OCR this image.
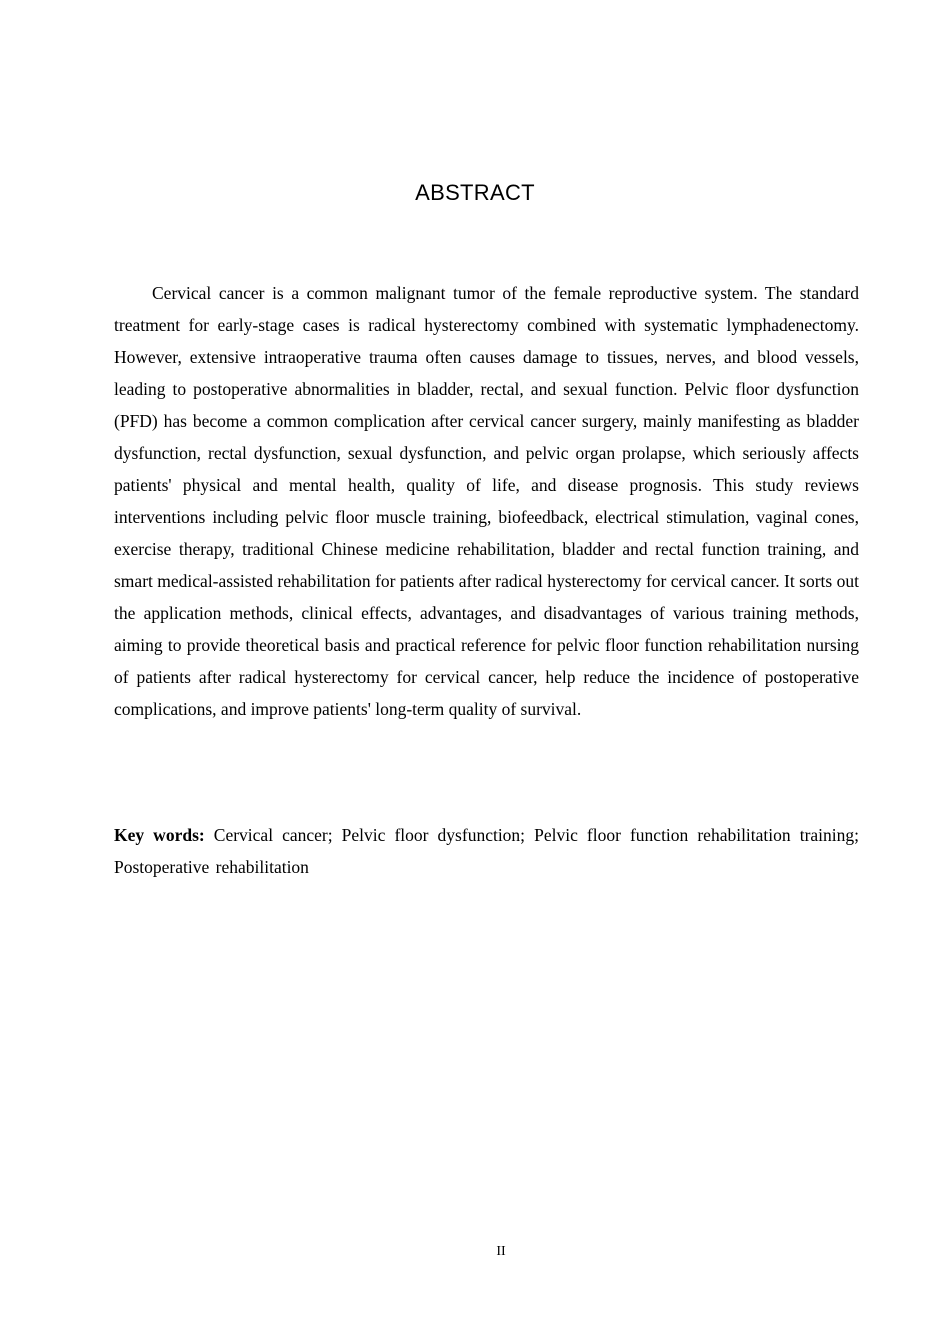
ABSTRACT

Cervical cancer is a common malignant tumor of the female reproductive system. The standard treatment for early-stage cases is radical hysterectomy combined with systematic lymphadenectomy. However, extensive intraoperative trauma often causes damage to tissues, nerves, and blood vessels, leading to postoperative abnormalities in bladder, rectal, and sexual function. Pelvic floor dysfunction (PFD) has become a common complication after cervical cancer surgery, mainly manifesting as bladder dysfunction, rectal dysfunction, sexual dysfunction, and pelvic organ prolapse, which seriously affects patients' physical and mental health, quality of life, and disease prognosis. This study reviews interventions including pelvic floor muscle training, biofeedback, electrical stimulation, vaginal cones, exercise therapy, traditional Chinese medicine rehabilitation, bladder and rectal function training, and smart medical-assisted rehabilitation for patients after radical hysterectomy for cervical cancer. It sorts out the application methods, clinical effects, advantages, and disadvantages of various training methods, aiming to provide theoretical basis and practical reference for pelvic floor function rehabilitation nursing of patients after radical hysterectomy for cervical cancer, help reduce the incidence of postoperative complications, and improve patients' long-term quality of survival.

Key words: Cervical cancer; Pelvic floor dysfunction; Pelvic floor function rehabilitation training; Postoperative rehabilitation

II
